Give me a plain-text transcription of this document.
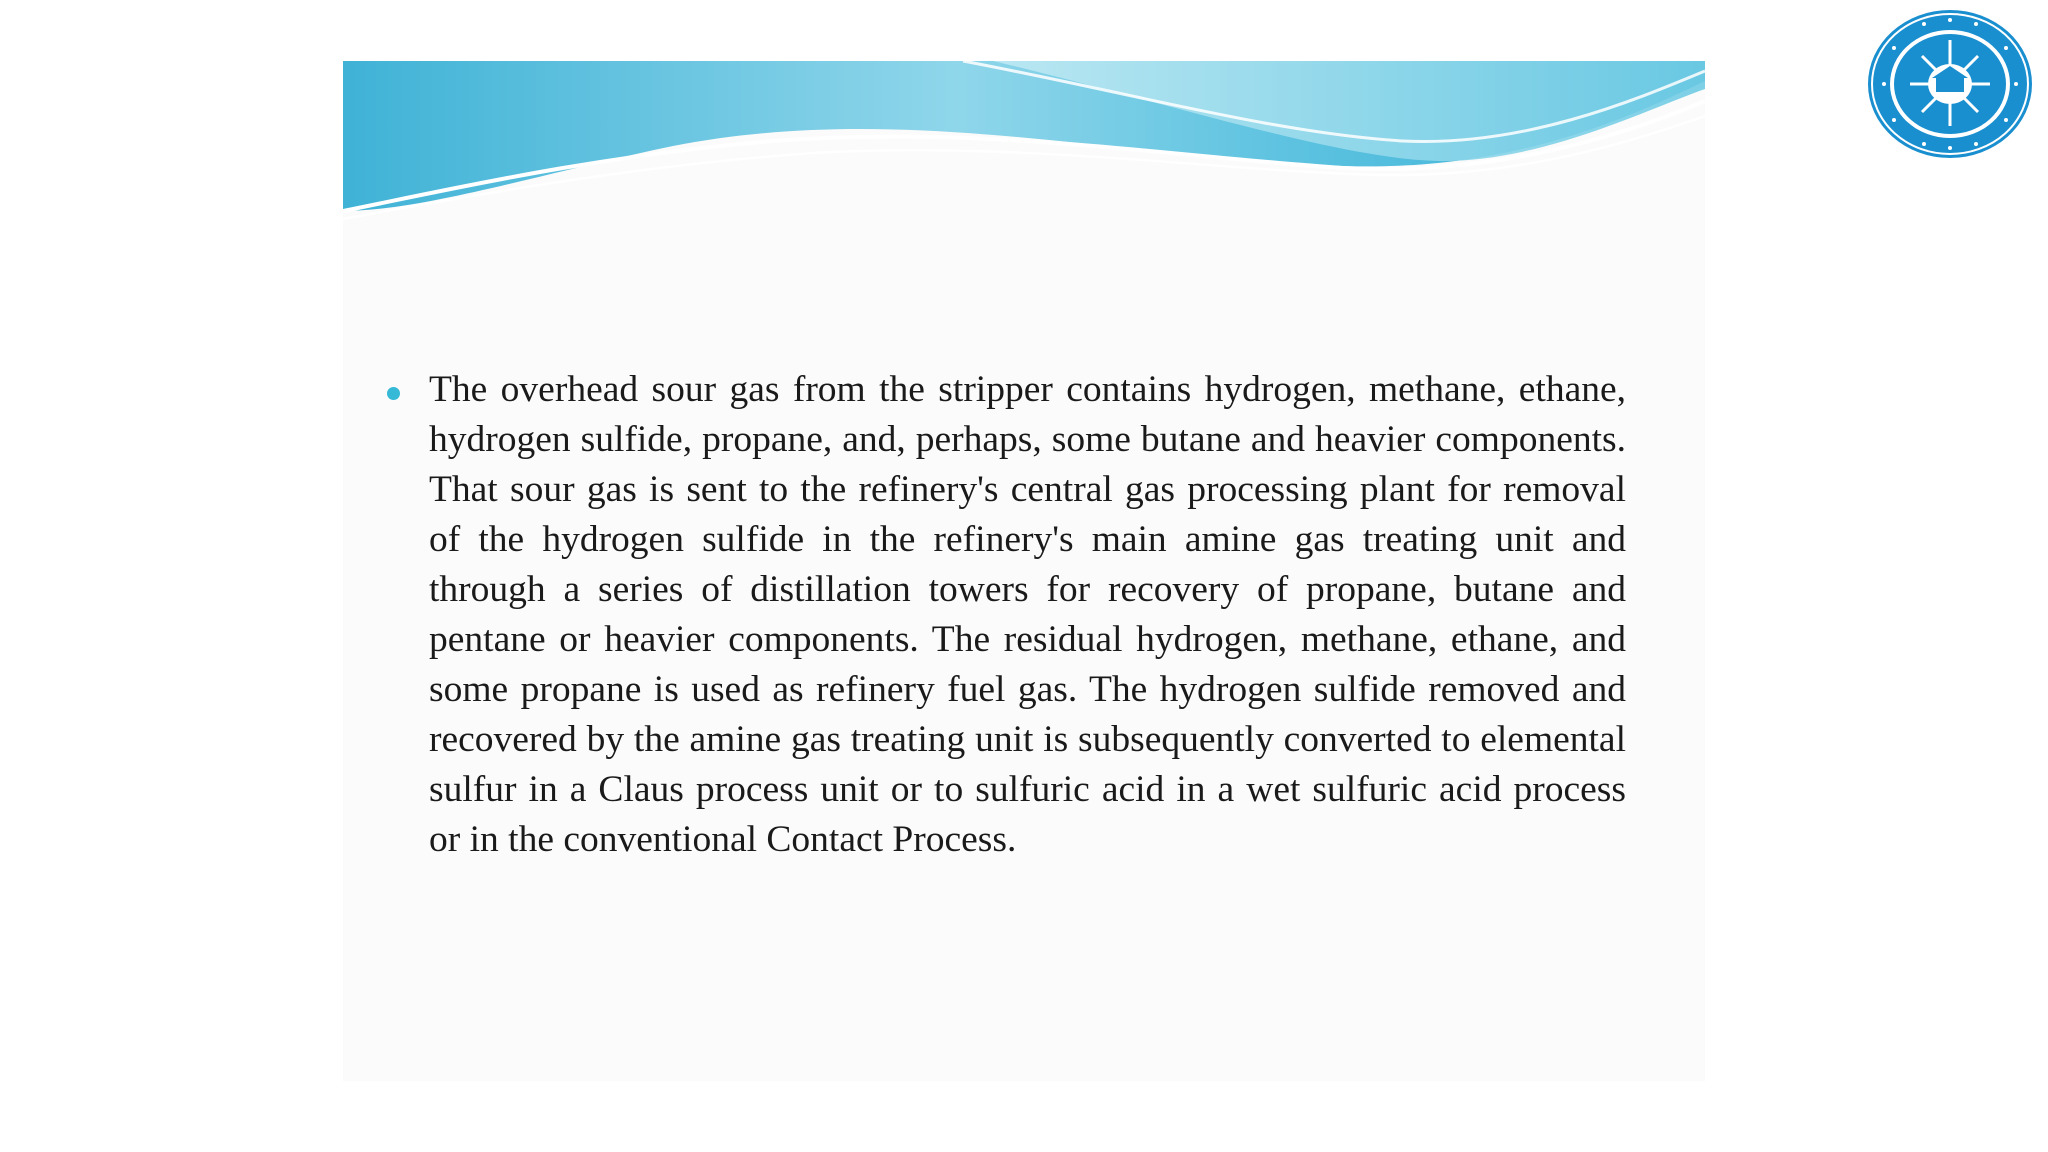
The overhead sour gas from the stripper contains hydrogen, methane, ethane, hydrogen sulfide, propane, and, perhaps, some butane and heavier components. That sour gas is sent to the refinery's central gas processing plant for removal of the hydrogen sulfide in the refinery's main amine gas treating unit and through a series of distillation towers for recovery of propane, butane and pentane or heavier components. The residual hydrogen, methane, ethane, and some propane is used as refinery fuel gas. The hydrogen sulfide removed and recovered by the amine gas treating unit is subsequently converted to elemental sulfur in a Claus process unit or to sulfuric acid in a wet sulfuric acid process or in the conventional Contact Process.
